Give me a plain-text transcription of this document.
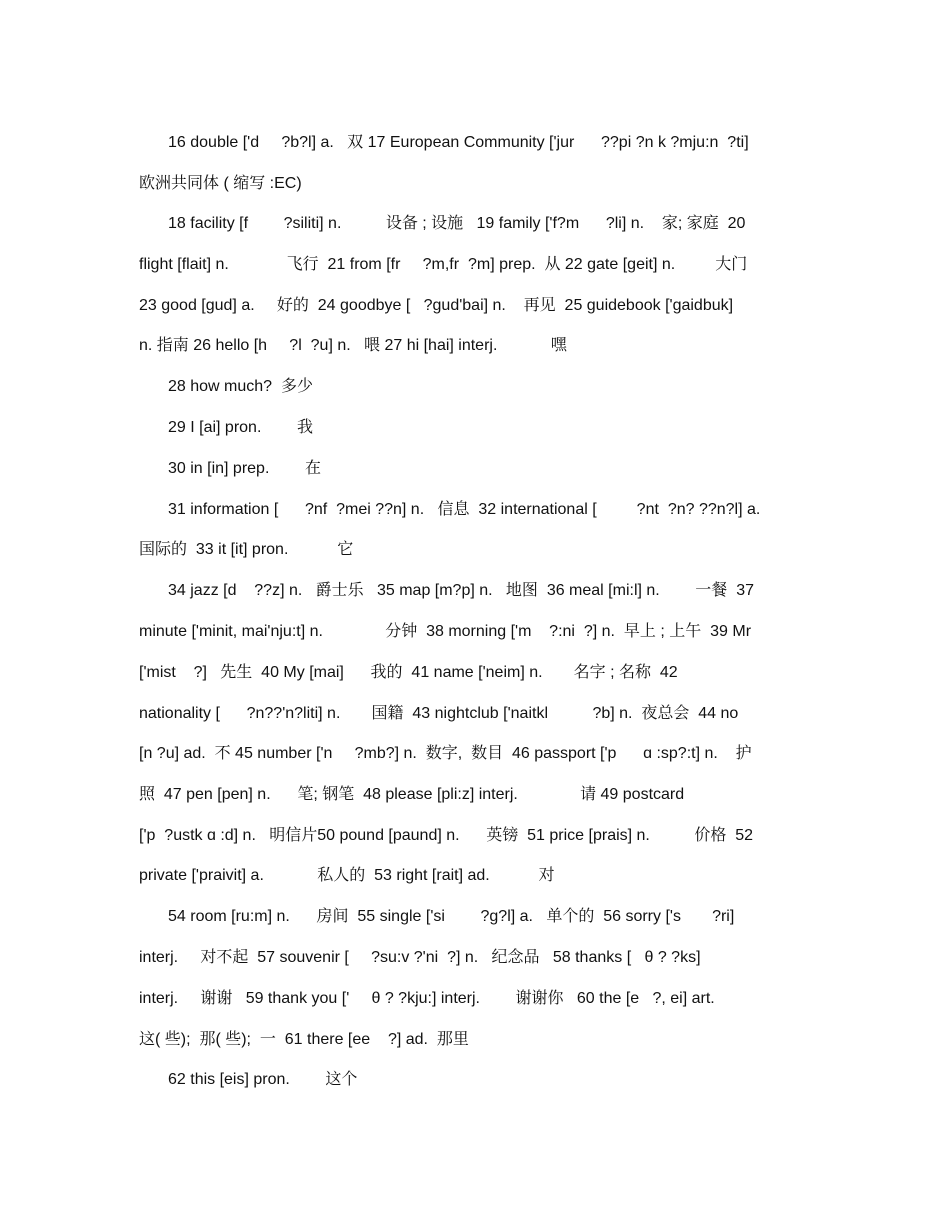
16 double ['d     ?b?l] a.   双 17 European Community ['jur      ??pi ?n k ?mju:n  ?ti]

欧洲共同体 ( 缩写 :EC)

18 facility [f        ?siliti] n.          设备 ; 设施   19 family ['f?m      ?li] n.    家; 家庭  20

flight [flait] n.             飞行  21 from [fr     ?m,fr  ?m] prep.  从 22 gate [geit] n.         大门

23 good [gud] a.     好的  24 goodbye [   ?gud'bai] n.    再见  25 guidebook ['gaidbuk]

n. 指南 26 hello [h     ?l  ?u] n.   喂 27 hi [hai] interj.            嘿

28 how much?  多少

29 I [ai] pron.        我

30 in [in] prep.        在

31 information [      ?nf  ?mei ??n] n.   信息  32 international [         ?nt  ?n? ??n?l] a.

国际的  33 it [it] pron.           它

34 jazz [d    ??z] n.   爵士乐   35 map [m?p] n.   地图  36 meal [mi:l] n.        一餐  37

minute ['minit, mai'nju:t] n.              分钟  38 morning ['m    ?:ni  ?] n.  早上 ; 上午  39 Mr

['mist    ?]   先生  40 My [mai]      我的  41 name ['neim] n.       名字 ; 名称  42

nationality [      ?n??'n?liti] n.       国籍  43 nightclub ['naitkl          ?b] n.  夜总会  44 no

[n ?u] ad.  不 45 number ['n     ?mb?] n.  数字,  数目  46 passport ['p      ɑ :sp?:t] n.    护

照  47 pen [pen] n.      笔; 钢笔  48 please [pli:z] interj.              请 49 postcard

['p  ?ustk ɑ :d] n.   明信片50 pound [paund] n.      英镑  51 price [prais] n.          价格  52

private ['praivit] a.            私人的  53 right [rait] ad.           对

54 room [ru:m] n.      房间  55 single ['si        ?g?l] a.   单个的  56 sorry ['s       ?ri]

interj.     对不起  57 souvenir [     ?su:v ?'ni  ?] n.   纪念品   58 thanks [   θ ? ?ks]

interj.     谢谢   59 thank you ['     θ ? ?kju:] interj.        谢谢你   60 the [e   ?, ei] art.

这( 些);  那( 些);  一  61 there [ee    ?] ad.  那里

62 this [eis] pron.        这个
